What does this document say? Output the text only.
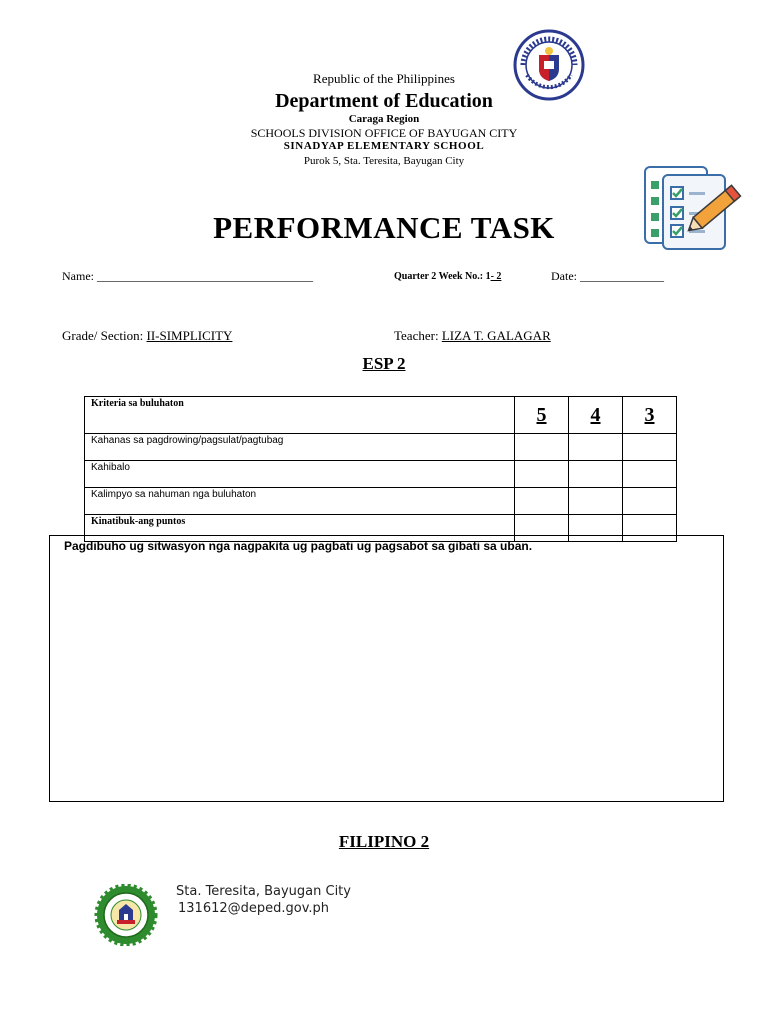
Republic of the Philippines
Department of Education
Caraga Region
SCHOOLS DIVISION OFFICE OF BAYUGAN CITY
SINADYAP ELEMENTARY SCHOOL
Purok 5, Sta. Teresita, Bayugan City
PERFORMANCE TASK
Name: ____________________________________	Quarter 2 Week No.: 1- 2	Date: ______________
Grade/ Section: II-SIMPLICITY	Teacher: LIZA T. GALAGAR
ESP 2
Kriteria sa buluhaton	5	4	3
Kahanas sa pagdrowing/pagsulat/pagtubag			
Kahibalo			
Kalimpyo sa nahuman nga buluhaton			
Kinatibuk-ang puntos			
Pagdibuho ug sitwasyon nga nagpakita ug pagbati ug pagsabot sa gibati sa uban.
FILIPINO 2
Sta. Teresita, Bayugan City
131612@deped.gov.ph
